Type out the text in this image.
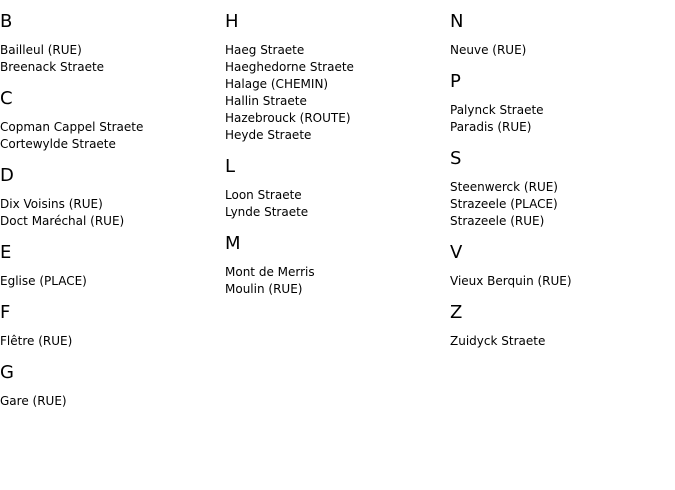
B
Bailleul (RUE)
Breenack Straete
C
Copman Cappel Straete
Cortewylde Straete
D
Dix Voisins (RUE)
Doct Maréchal (RUE)
E
Eglise (PLACE)
F
Flêtre (RUE)
G
Gare (RUE)
H
Haeg Straete
Haeghedorne Straete
Halage (CHEMIN)
Hallin Straete
Hazebrouck (ROUTE)
Heyde Straete
L
Loon Straete
Lynde Straete
M
Mont de Merris
Moulin (RUE)
N
Neuve (RUE)
P
Palynck Straete
Paradis (RUE)
S
Steenwerck (RUE)
Strazeele (PLACE)
Strazeele (RUE)
V
Vieux Berquin (RUE)
Z
Zuidyck Straete
